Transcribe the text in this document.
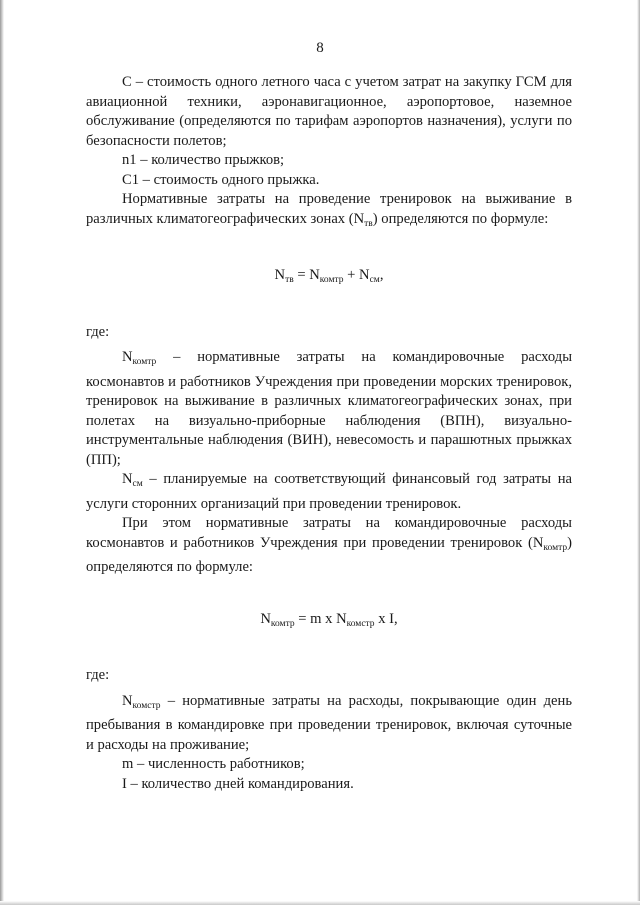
8

С – стоимость одного летного часа с учетом затрат на закупку ГСМ для авиационной техники, аэронавигационное, аэропортовое, наземное обслуживание (определяются по тарифам аэропортов назначения), услуги по безопасности полетов;

n1 – количество прыжков;

С1 – стоимость одного прыжка.

Нормативные затраты на проведение тренировок на выживание в различных климатогеографических зонах $(N_{тв})$ определяются по формуле:

$N_{тв} = N_{комтр} + N_{см}$,

где:

$N_{комтр}$ – нормативные затраты на командировочные расходы космонавтов и работников Учреждения при проведении морских тренировок, тренировок на выживание в различных климатогеографических зонах, при полетах на визуально-приборные наблюдения (ВПН), визуально-инструментальные наблюдения (ВИН), невесомость и парашютных прыжках (ПП);

$N_{см}$ – планируемые на соответствующий финансовый год затраты на услуги сторонних организаций при проведении тренировок.

При этом нормативные затраты на командировочные расходы космонавтов и работников Учреждения при проведении тренировок $(N_{комтр})$ определяются по формуле:

$N_{комтр} = m$ x $N_{комстр}$ x I,

где:

$N_{комстр}$ – нормативные затраты на расходы, покрывающие один день пребывания в командировке при проведении тренировок, включая суточные и расходы на проживание;

m – численность работников;

I – количество дней командирования.
